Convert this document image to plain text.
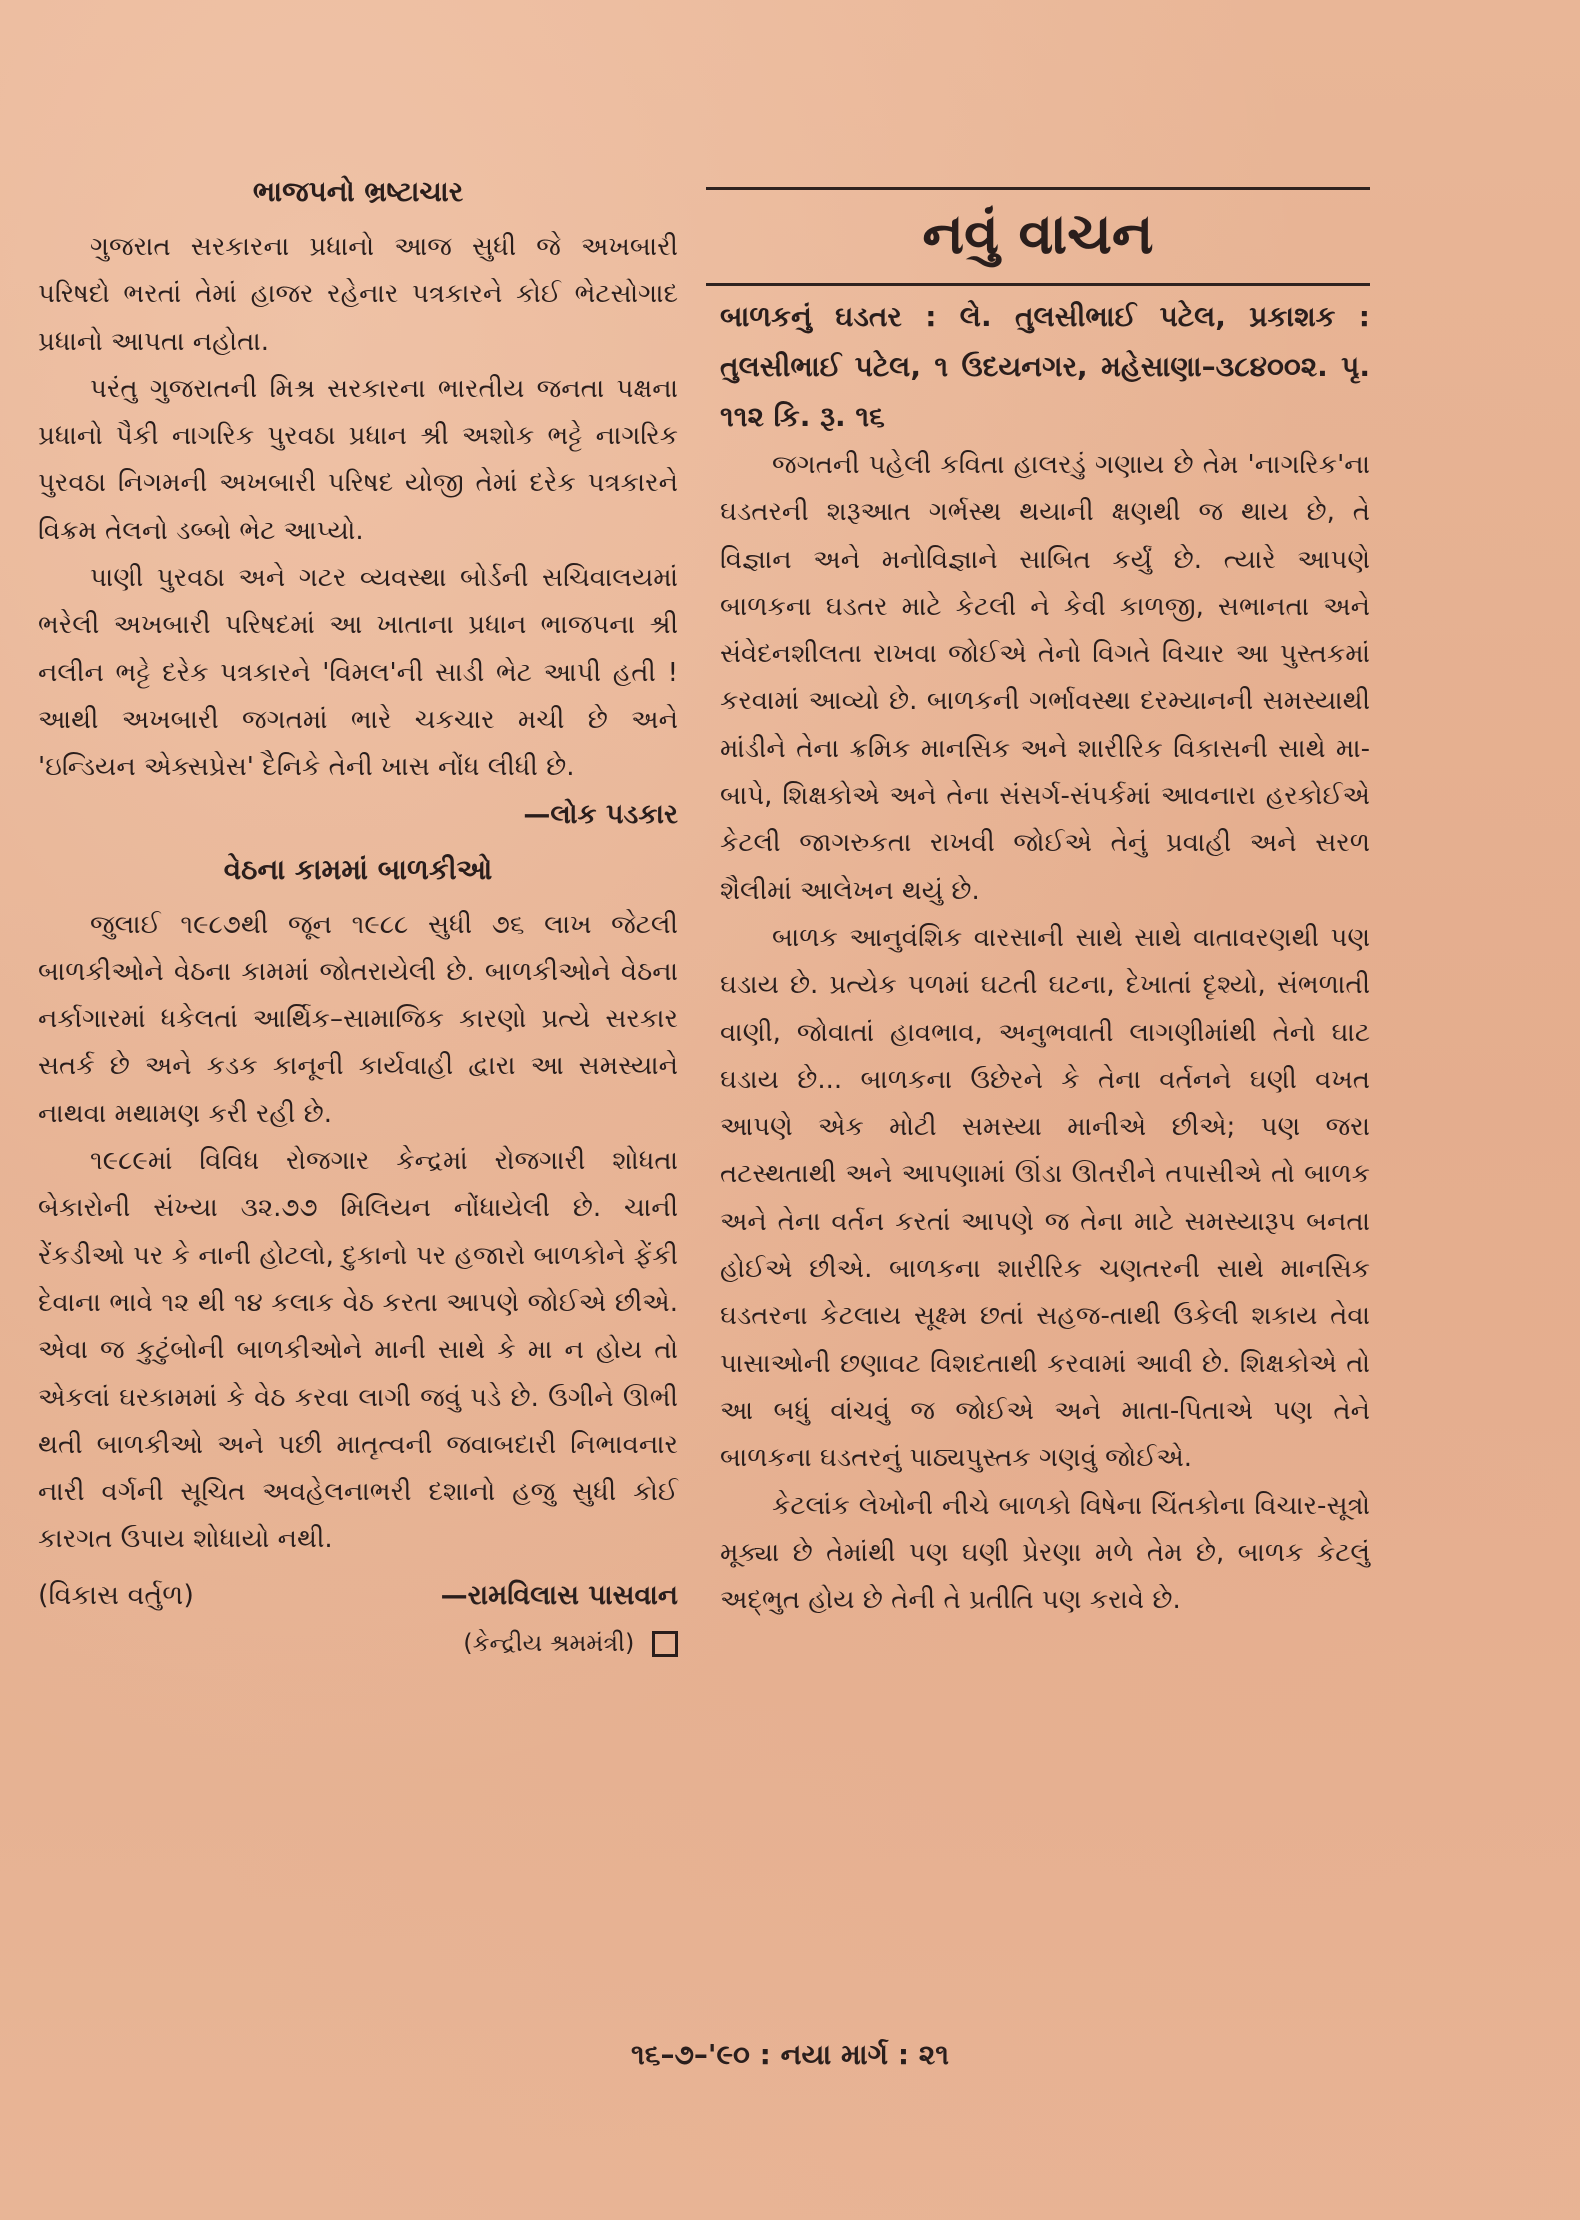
ભાજપનો ભ્રષ્ટાચાર

ગુજરાત સરકારના પ્રધાનો આજ સુધી જે અખબારી પરિષદો ભરતાં તેમાં હાજર રહેનાર પત્રકારને કોઈ ભેટસોગાદ પ્રધાનો આપતા નહોતા.

પરંતુ ગુજરાતની મિશ્ર સરકારના ભારતીય જનતા પક્ષના પ્રધાનો પૈકી નાગરિક પુરવઠા પ્રધાન શ્રી અશોક ભટ્ટે નાગરિક પુરવઠા નિગમની અખબારી પરિષદ યોજી તેમાં દરેક પત્રકારને વિક્રમ તેલનો ડબ્બો ભેટ આપ્યો.

પાણી પુરવઠા અને ગટર વ્યવસ્થા બોર્ડની સચિવાલયમાં ભરેલી અખબારી પરિષદમાં આ ખાતાના પ્રધાન ભાજપના શ્રી નલીન ભટ્ટે દરેક પત્રકારને 'વિમલ'ની સાડી ભેટ આપી હતી ! આથી અખબારી જગતમાં ભારે ચકચાર મચી છે અને 'ઇન્ડિયન એક્સપ્રેસ' દૈનિકે તેની ખાસ નોંધ લીધી છે.

—લોક પડકાર

વેઠના કામમાં બાળકીઓ

જુલાઈ ૧૯૮૭થી જૂન ૧૯૮૮ સુધી ૭૬ લાખ જેટલી બાળકીઓને વેઠના કામમાં જોતરાયેલી છે. બાળકીઓને વેઠના નર્કાગારમાં ધકેલતાં આર્થિક–સામાજિક કારણો પ્રત્યે સરકાર સતર્ક છે અને કડક કાનૂની કાર્યવાહી દ્વારા આ સમસ્યાને નાથવા મથામણ કરી રહી છે.

૧૯૮૯માં વિવિધ રોજગાર કેન્દ્રમાં રોજગારી શોધતા બેકારોની સંખ્યા ૩૨.૭૭ મિલિયન નોંધાયેલી છે. ચાની રેંકડીઓ પર કે નાની હોટલો, દુકાનો પર હજારો બાળકોને ફેંકી દેવાના ભાવે ૧૨ થી ૧૪ કલાક વેઠ કરતા આપણે જોઈએ છીએ. એવા જ કુટુંબોની બાળકીઓને માની સાથે કે મા ન હોય તો એકલાં ઘરકામમાં કે વેઠ કરવા લાગી જવું પડે છે. ઉગીને ઊભી થતી બાળકીઓ અને પછી માતૃત્વની જવાબદારી નિભાવનાર નારી વર્ગની સૂચિત અવહેલનાભરી દશાનો હજુ સુધી કોઈ કારગત ઉપાય શોધાયો નથી.

(વિકાસ વર્તુળ)	—રામવિલાસ પાસવાન
(કેન્દ્રીય શ્રમમંત્રી)
નવું વાચન

બાળકનું ઘડતર : લે. તુલસીભાઈ પટેલ, પ્રકાશક : તુલસીભાઈ પટેલ, ૧ ઉદયનગર, મહેસાણા–૩૮૪૦૦૨. પૃ. ૧૧૨ કિ. રૂ. ૧૬

જગતની પહેલી કવિતા હાલરડું ગણાય છે તેમ 'નાગરિક'ના ઘડતરની શરૂઆત ગર્ભસ્થ થયાની ક્ષણથી જ થાય છે, તે વિજ્ઞાન અને મનોવિજ્ઞાને સાબિત કર્યું છે. ત્યારે આપણે બાળકના ઘડતર માટે કેટલી ને કેવી કાળજી, સભાનતા અને સંવેદનશીલતા રાખવા જોઈએ તેનો વિગતે વિચાર આ પુસ્તકમાં કરવામાં આવ્યો છે. બાળકની ગર્ભાવસ્થા દરમ્યાનની સમસ્યાથી માંડીને તેના ક્રમિક માનસિક અને શારીરિક વિકાસની સાથે મા-બાપે, શિક્ષકોએ અને તેના સંસર્ગ-સંપર્કમાં આવનારા હરકોઈએ કેટલી જાગરુકતા રાખવી જોઈએ તેનું પ્રવાહી અને સરળ શૈલીમાં આલેખન થયું છે.

બાળક આનુવંશિક વારસાની સાથે સાથે વાતાવરણથી પણ ઘડાય છે. પ્રત્યેક પળમાં ઘટતી ઘટના, દેખાતાં દૃશ્યો, સંભળાતી વાણી, જોવાતાં હાવભાવ, અનુભવાતી લાગણીમાંથી તેનો ઘાટ ઘડાય છે... બાળકના ઉછેરને કે તેના વર્તનને ઘણી વખત આપણે એક મોટી સમસ્યા માનીએ છીએ; પણ જરા તટસ્થતાથી અને આપણામાં ઊંડા ઊતરીને તપાસીએ તો બાળક અને તેના વર્તન કરતાં આપણે જ તેના માટે સમસ્યારૂપ બનતા હોઈએ છીએ. બાળકના શારીરિક ચણતરની સાથે માનસિક ઘડતરના કેટલાય સૂક્ષ્મ છતાં સહજ-તાથી ઉકેલી શકાય તેવા પાસાઓની છણાવટ વિશદતાથી કરવામાં આવી છે. શિક્ષકોએ તો આ બધું વાંચવું જ જોઈએ અને માતા-પિતાએ પણ તેને બાળકના ઘડતરનું પાઠ્યપુસ્તક ગણવું જોઈએ.

કેટલાંક લેખોની નીચે બાળકો વિષેના ચિંતકોના વિચાર-સૂત્રો મૂક્યા છે તેમાંથી પણ ઘણી પ્રેરણા મળે તેમ છે, બાળક કેટલું અદ્ભુત હોય છે તેની તે પ્રતીતિ પણ કરાવે છે.

૧૬–૭–'૯૦ : નયા માર્ગ : ૨૧
